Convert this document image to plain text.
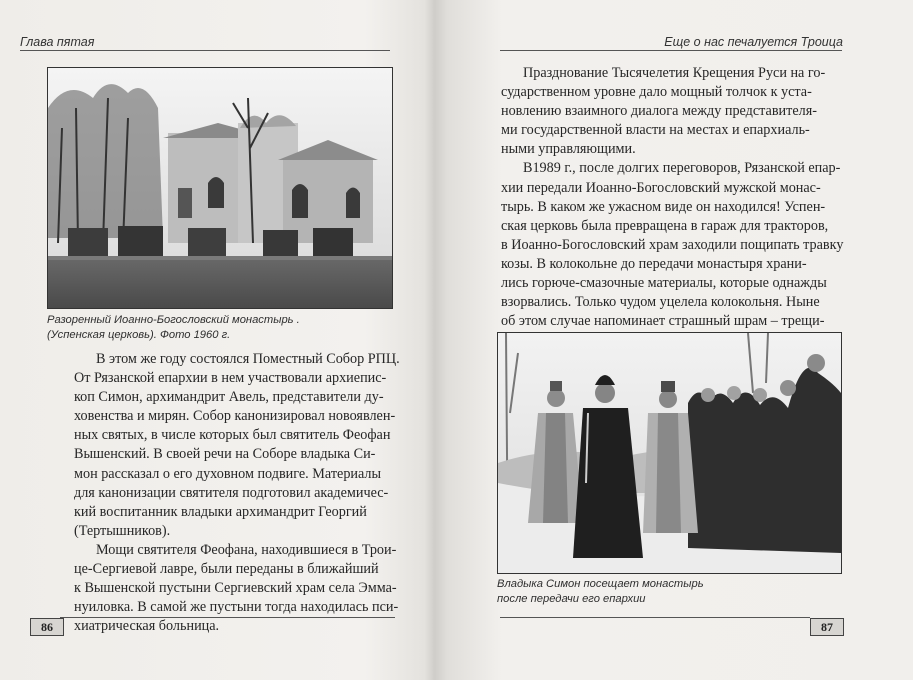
Глава пятая
Разоренный Иоанно-Богословский монастырь .
(Успенская церковь). Фото 1960 г.
В этом же году состоялся Поместный Собор РПЦ.
От Рязанской епархии в нем участвовали архиепис-
коп Симон, архимандрит Авель, представители ду-
ховенства и мирян. Собор канонизировал новоявлен-
ных святых, в числе которых был святитель Феофан
Вышенский. В своей речи на Соборе владыка Си-
мон рассказал о его духовном подвиге. Материалы
для канонизации святителя подготовил академичес-
кий воспитанник владыки архимандрит Георгий
(Тертышников).
Мощи святителя Феофана, находившиеся в Трои-
це-Сергиевой лавре, были переданы в ближайший
к Вышенской пустыни Сергиевский храм села Эмма-
нуиловка. В самой же пустыни тогда находилась пси-
хиатрическая больница.
86
Еще о нас печалуется Троица
Празднование Тысячелетия Крещения Руси на го-
сударственном уровне дало мощный толчок к уста-
новлению взаимного диалога между представителя-
ми государственной власти на местах и епархиаль-
ными управляющими.
В1989 г., после долгих переговоров, Рязанской епар-
хии передали Иоанно-Богословский мужской монас-
тырь. В каком же ужасном виде он находился! Успен-
ская церковь была превращена в гараж для тракторов,
в Иоанно-Богословский храм заходили пощипать травку
козы. В колокольне до передачи монастыря храни-
лись горюче-смазочные материалы, которые однажды
взорвались. Только чудом уцелела колокольня. Ныне
об этом случае напоминает страшный шрам – трещи-
Владыка Симон посещает монастырь
после передачи его епархии
87
